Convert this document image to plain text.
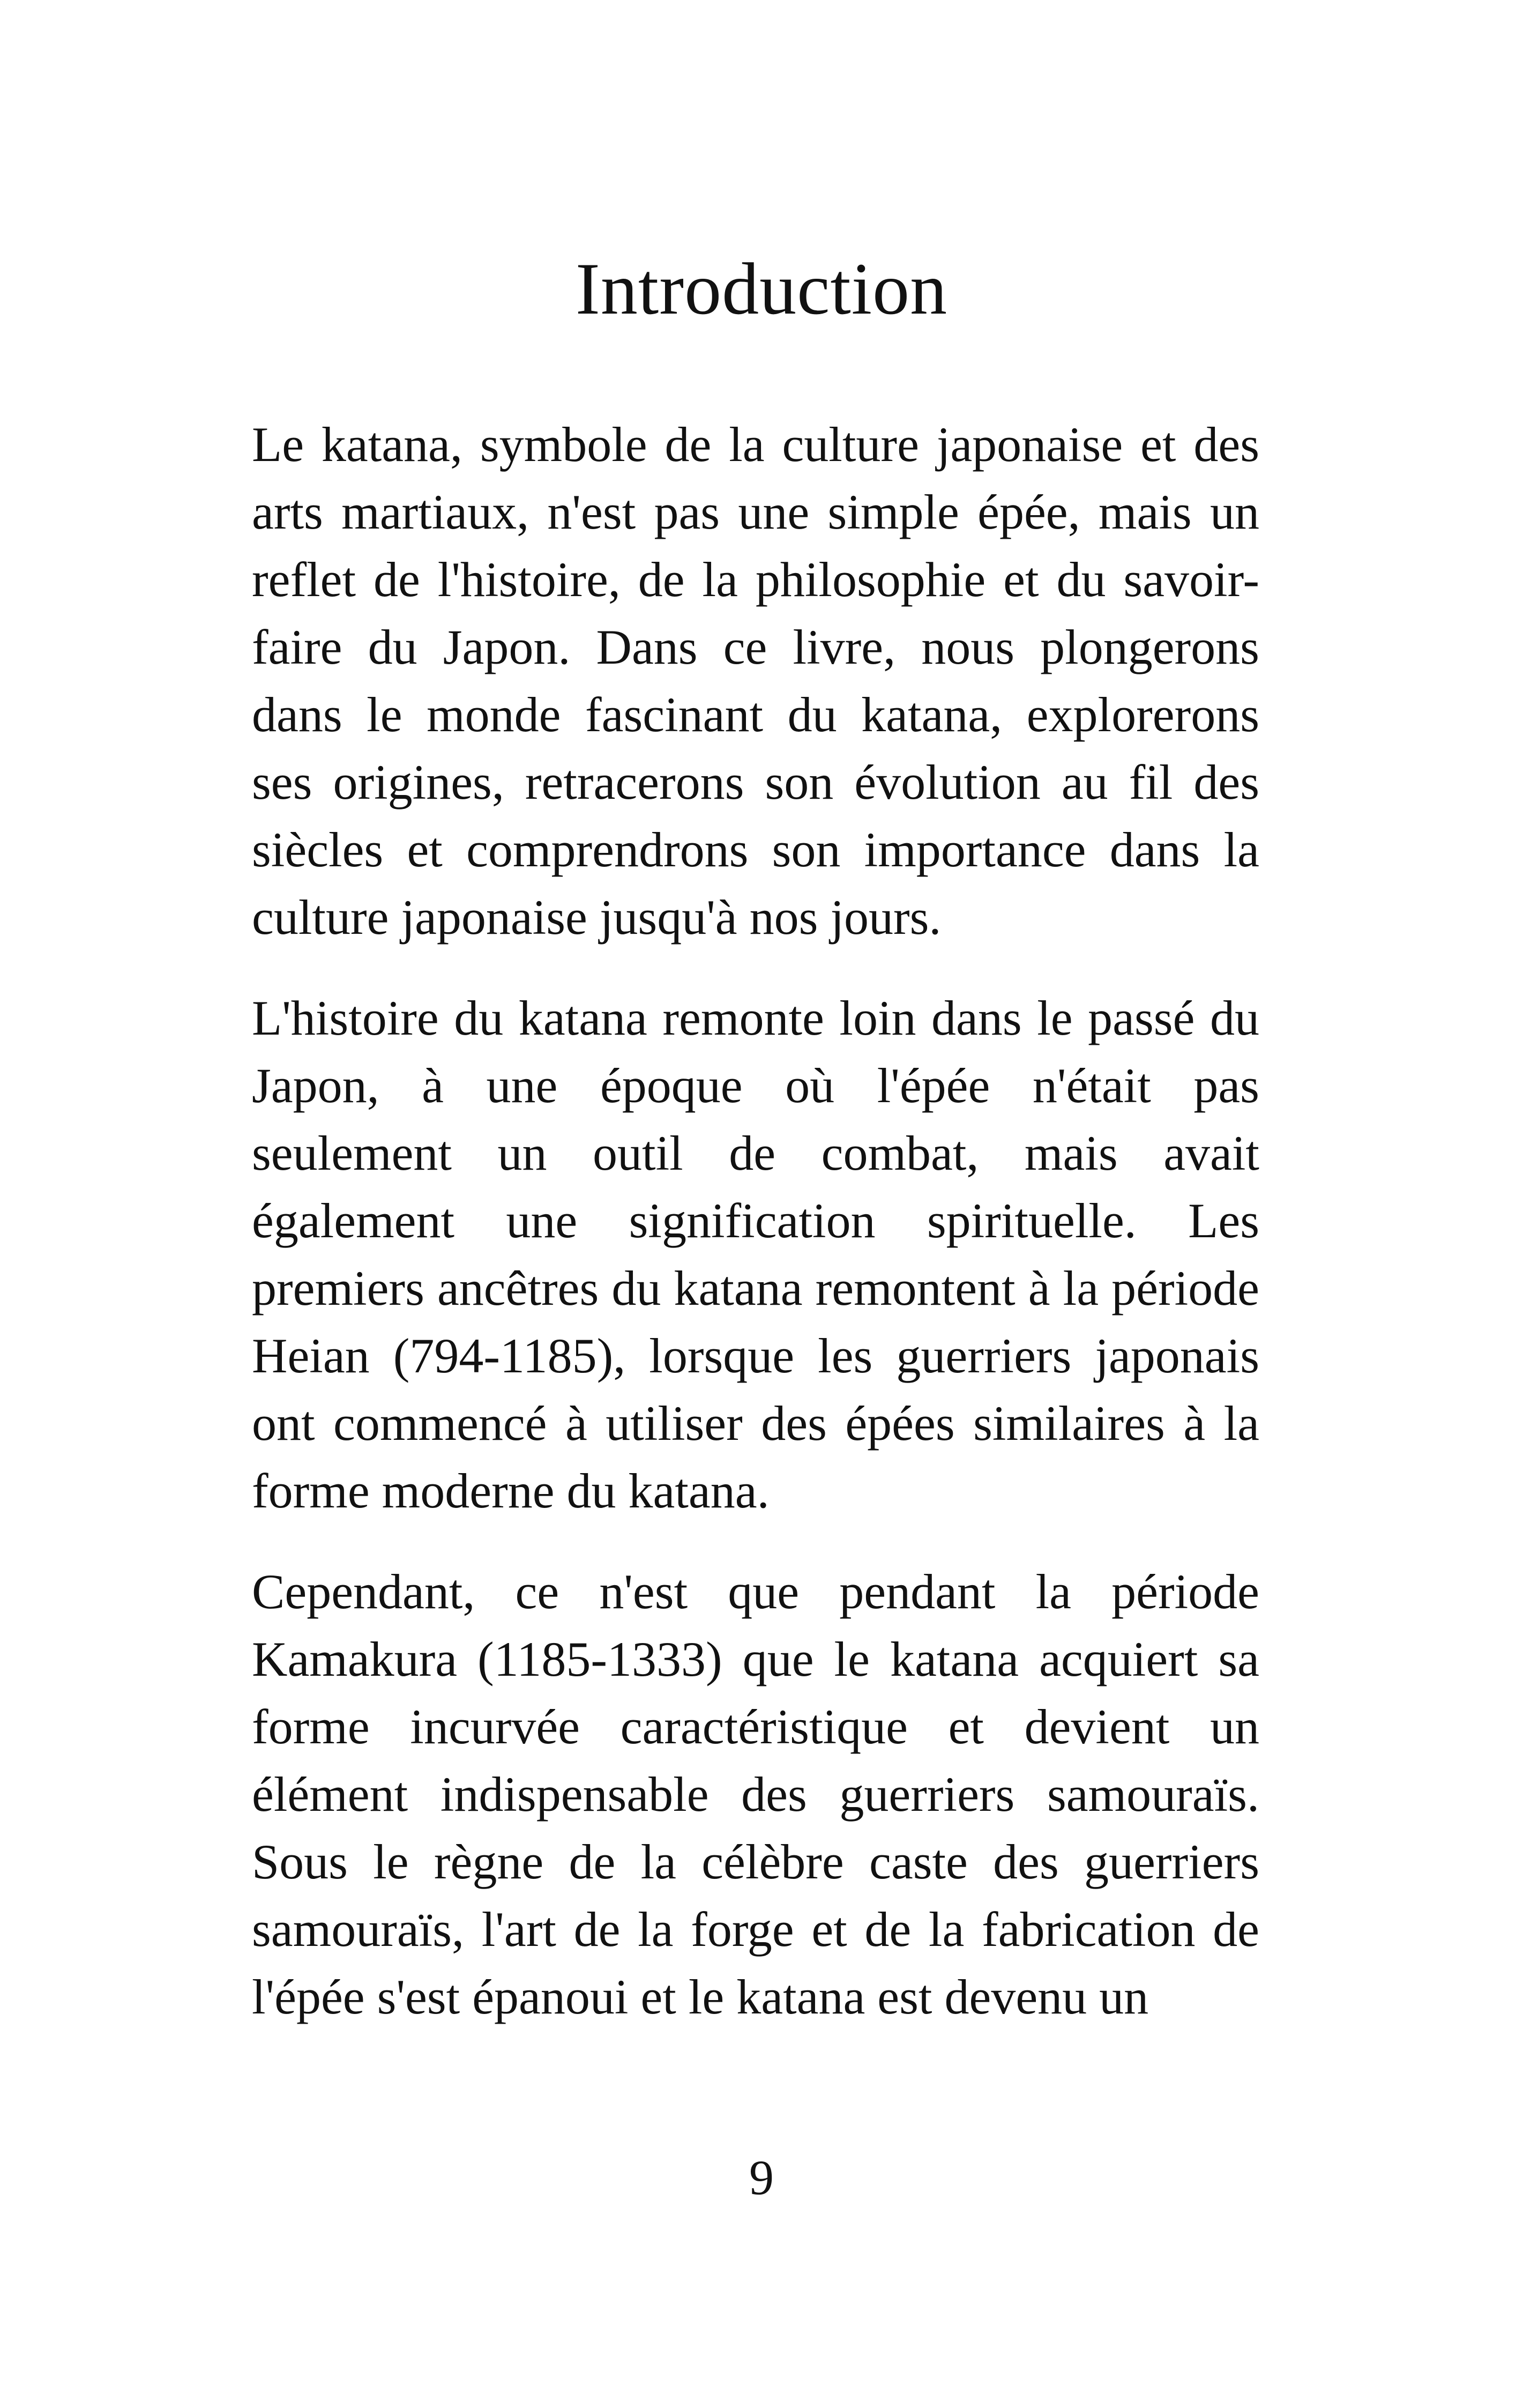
Introduction

Le katana, symbole de la culture japonaise et des arts martiaux, n'est pas une simple épée, mais un reflet de l'histoire, de la philosophie et du savoir-faire du Japon. Dans ce livre, nous plongerons dans le monde fascinant du katana, explorerons ses origines, retracerons son évolution au fil des siècles et comprendrons son importance dans la culture japonaise jusqu'à nos jours.

L'histoire du katana remonte loin dans le passé du Japon, à une époque où l'épée n'était pas seulement un outil de combat, mais avait également une signification spirituelle. Les premiers ancêtres du katana remontent à la période Heian (794-1185), lorsque les guerriers japonais ont commencé à utiliser des épées similaires à la forme moderne du katana.

Cependant, ce n'est que pendant la période Kamakura (1185-1333) que le katana acquiert sa forme incurvée caractéristique et devient un élément indispensable des guerriers samouraïs. Sous le règne de la célèbre caste des guerriers samouraïs, l'art de la forge et de la fabrication de l'épée s'est épanoui et le katana est devenu un

9
